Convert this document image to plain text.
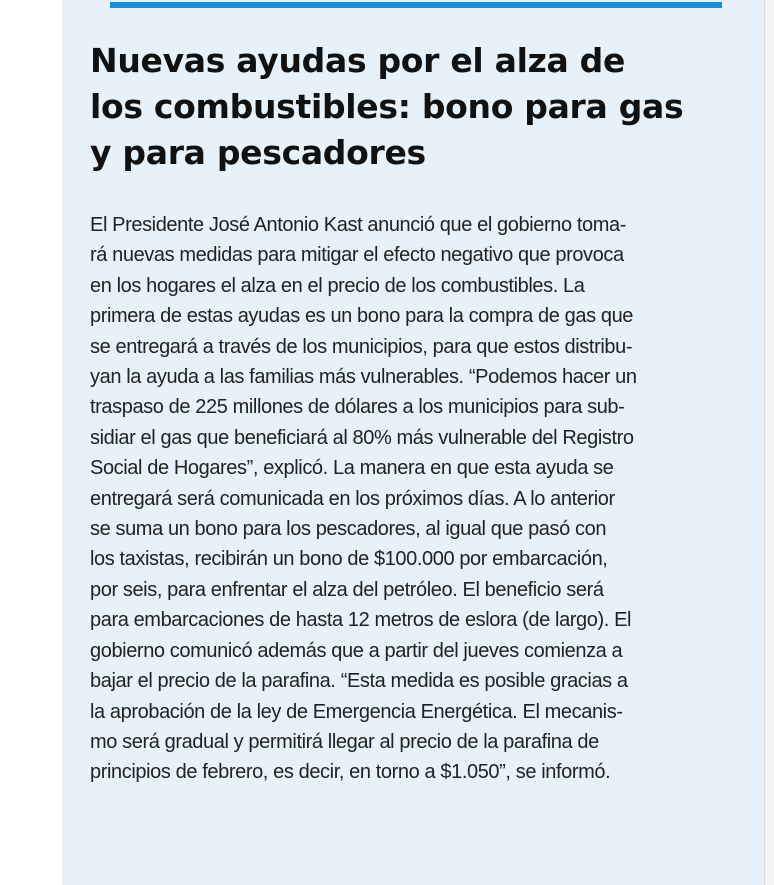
Nuevas ayudas por el alza de
los combustibles: bono para gas
y para pescadores
El Presidente José Antonio Kast anunció que el gobierno toma-
rá nuevas medidas para mitigar el efecto negativo que provoca
en los hogares el alza en el precio de los combustibles. La
primera de estas ayudas es un bono para la compra de gas que
se entregará a través de los municipios, para que estos distribu-
yan la ayuda a las familias más vulnerables. “Podemos hacer un
traspaso de 225 millones de dólares a los municipios para sub-
sidiar el gas que beneficiará al 80% más vulnerable del Registro
Social de Hogares”, explicó. La manera en que esta ayuda se
entregará será comunicada en los próximos días. A lo anterior
se suma un bono para los pescadores, al igual que pasó con
los taxistas, recibirán un bono de $100.000 por embarcación,
por seis, para enfrentar el alza del petróleo. El beneficio será
para embarcaciones de hasta 12 metros de eslora (de largo). El
gobierno comunicó además que a partir del jueves comienza a
bajar el precio de la parafina. “Esta medida es posible gracias a
la aprobación de la ley de Emergencia Energética. El mecanis-
mo será gradual y permitirá llegar al precio de la parafina de
principios de febrero, es decir, en torno a $1.050”, se informó.
